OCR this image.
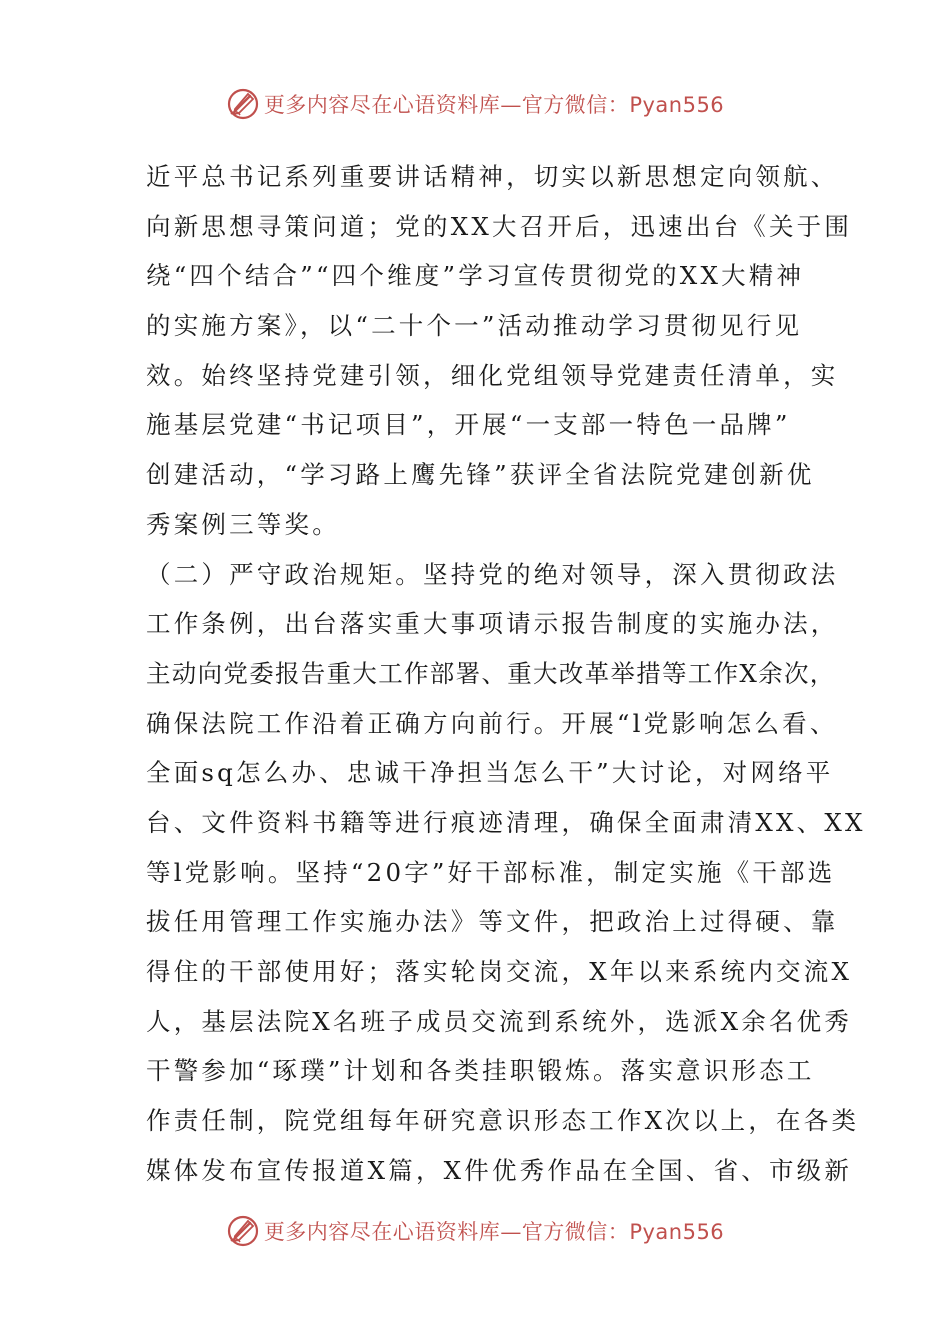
更多内容尽在心语资料库—官方微信：Pyan556
近平总书记系列重要讲话精神，切实以新思想定向领航、
向新思想寻策问道；党的XX大召开后，迅速出台《关于围
绕“四个结合”“四个维度”学习宣传贯彻党的XX大精神
的实施方案》，以“二十个一”活动推动学习贯彻见行见
效。始终坚持党建引领，细化党组领导党建责任清单，实
施基层党建“书记项目”，开展“一支部一特色一品牌”
创建活动，“学习路上鹰先锋”获评全省法院党建创新优
秀案例三等奖。
（二）严守政治规矩。坚持党的绝对领导，深入贯彻政法
工作条例，出台落实重大事项请示报告制度的实施办法，
主动向党委报告重大工作部署、重大改革举措等工作X余次，
确保法院工作沿着正确方向前行。开展“l党影响怎么看、
全面sq怎么办、忠诚干净担当怎么干”大讨论，对网络平
台、文件资料书籍等进行痕迹清理，确保全面肃清XX、XX
等l党影响。坚持“20字”好干部标准，制定实施《干部选
拔任用管理工作实施办法》等文件，把政治上过得硬、靠
得住的干部使用好；落实轮岗交流，X年以来系统内交流X
人，基层法院X名班子成员交流到系统外，选派X余名优秀
干警参加“琢璞”计划和各类挂职锻炼。落实意识形态工
作责任制，院党组每年研究意识形态工作X次以上，在各类
媒体发布宣传报道X篇，X件优秀作品在全国、省、市级新
更多内容尽在心语资料库—官方微信：Pyan556
